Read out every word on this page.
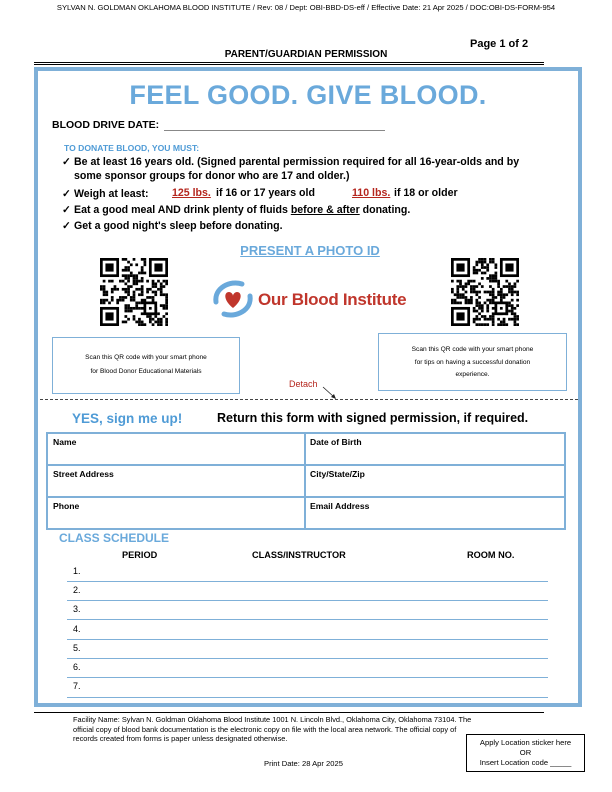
SYLVAN N. GOLDMAN OKLAHOMA BLOOD INSTITUTE / Rev: 08 / Dept: OBI-BBD-DS-eff / Effective Date: 21 Apr 2025 / DOC:OBI-DS-FORM-954
Page 1 of 2
PARENT/GUARDIAN PERMISSION
FEEL GOOD. GIVE BLOOD.
BLOOD DRIVE DATE:
TO DONATE BLOOD, YOU MUST:
✓ Be at least 16 years old. (Signed parental permission required for all 16-year-olds and by
some sponsor groups for donor who are 17 and older.)
✓ Weigh at least: 125 lbs. if 16 or 17 years old	110 lbs. if 18 or older
✓ Eat a good meal AND drink plenty of fluids before & after donating.
✓ Get a good night's sleep before donating.
PRESENT A PHOTO ID
Our Blood Institute
Scan this QR code with your smart phone
for Blood Donor Educational Materials
Scan this QR code with your smart phone
for tips on having a successful donation
experience.
Detach
YES, sign me up!	Return this form with signed permission, if required.
Name	Date of Birth
Street Address	City/State/Zip
Phone	Email Address
CLASS SCHEDULE
PERIOD	CLASS/INSTRUCTOR	ROOM NO.
1.
2.
3.
4.
5.
6.
7.
Facility Name: Sylvan N. Goldman Oklahoma Blood Institute 1001 N. Lincoln Blvd., Oklahoma City, Oklahoma 73104. The official copy of blood bank documentation is the electronic copy on file with the local area network. The official copy of records created from forms is paper unless designated otherwise.	Apply Location sticker here
OR
Insert Location code _____
Print Date: 28 Apr 2025
